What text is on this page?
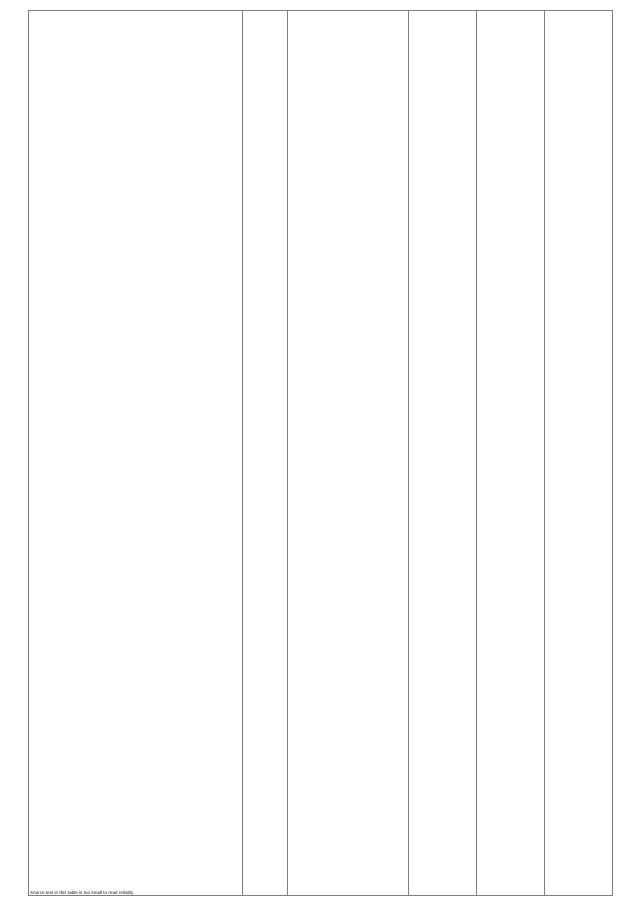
Source text in this table is too small to read reliably					
